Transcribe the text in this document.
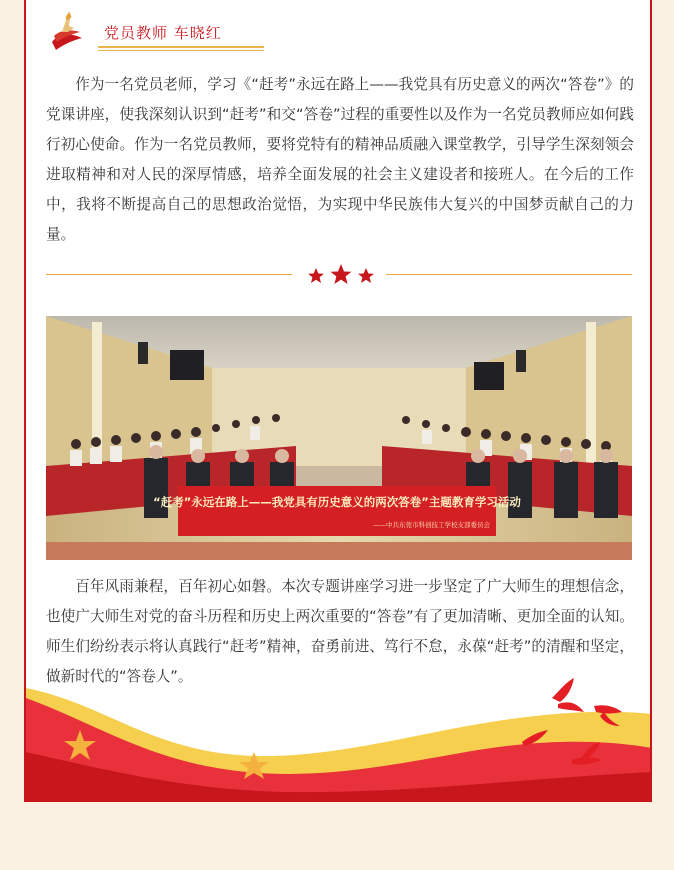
党员教师 车晓红

作为一名党员老师，学习《“赶考”永远在路上——我党具有历史意义的两次“答卷”》的党课讲座，使我深刻认识到“赶考”和交“答卷”过程的重要性以及作为一名党员教师应如何践行初心使命。作为一名党员教师，要将党特有的精神品质融入课堂教学，引导学生深刻领会进取精神和对人民的深厚情感，培养全面发展的社会主义建设者和接班人。在今后的工作中，我将不断提高自己的思想政治觉悟，为实现中华民族伟大复兴的中国梦贡献自己的力量。

“赶考”永远在路上——我党具有历史意义的两次答卷”主题教育学习活动
——中共东莞市科创技工学校支部委员会

百年风雨兼程，百年初心如磐。本次专题讲座学习进一步坚定了广大师生的理想信念，也使广大师生对党的奋斗历程和历史上两次重要的“答卷”有了更加清晰、更加全面的认知。师生们纷纷表示将认真践行“赶考”精神，奋勇前进、笃行不怠，永葆“赶考”的清醒和坚定，做新时代的“答卷人”。
